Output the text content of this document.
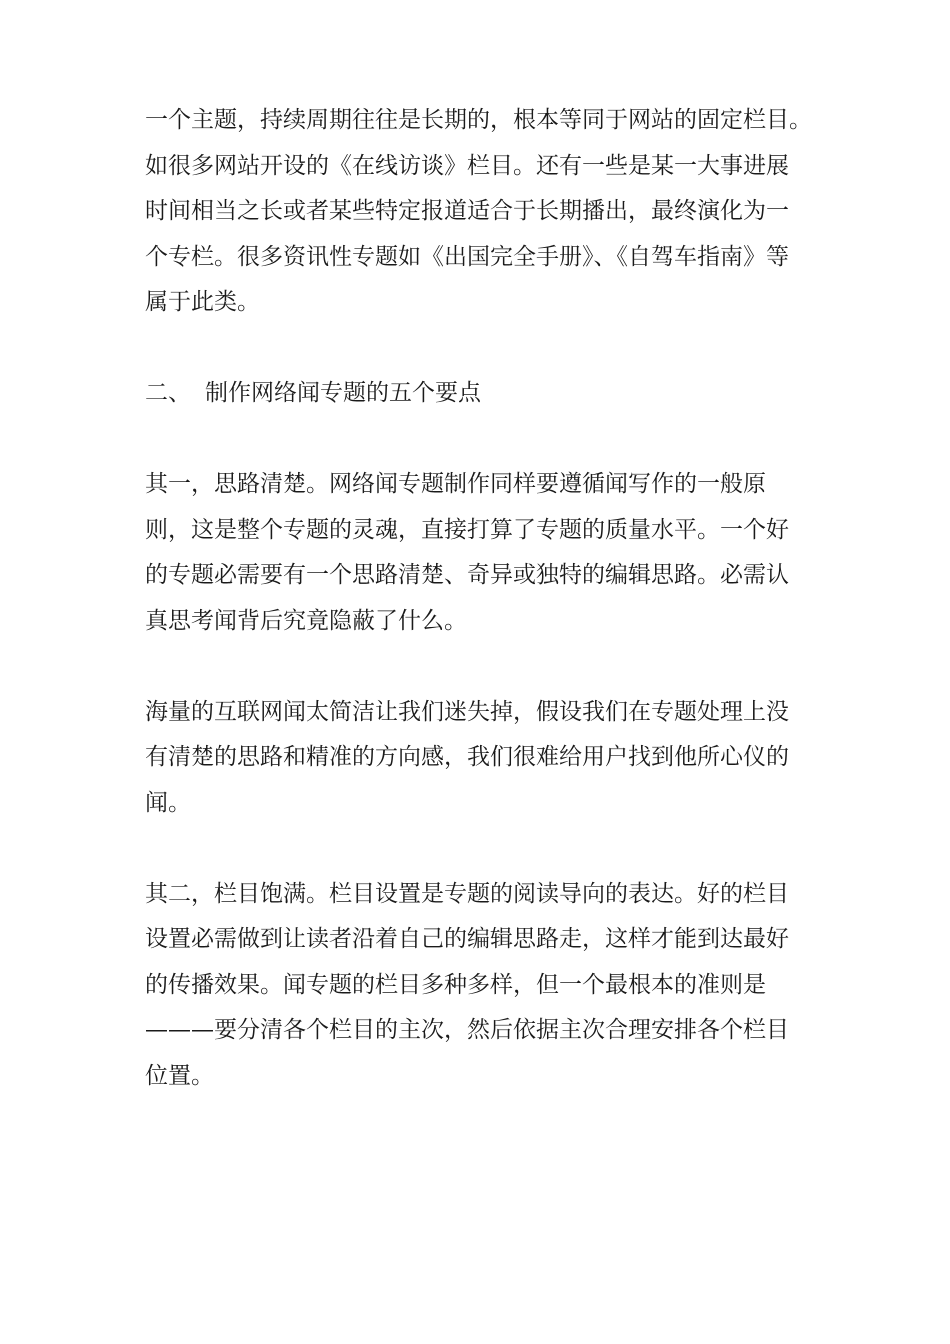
一个主题，持续周期往往是长期的，根本等同于网站的固定栏目。
如很多网站开设的《在线访谈》栏目。还有一些是某一大事进展
时间相当之长或者某些特定报道适合于长期播出，最终演化为一
个专栏。很多资讯性专题如《出国完全手册》、《自驾车指南》等
属于此类。
二、 制作网络闻专题的五个要点
其一，思路清楚。网络闻专题制作同样要遵循闻写作的一般原
则，这是整个专题的灵魂，直接打算了专题的质量水平。一个好
的专题必需要有一个思路清楚、奇异或独特的编辑思路。必需认
真思考闻背后究竟隐蔽了什么。
海量的互联网闻太简洁让我们迷失掉，假设我们在专题处理上没
有清楚的思路和精准的方向感，我们很难给用户找到他所心仪的
闻。
其二，栏目饱满。栏目设置是专题的阅读导向的表达。好的栏目
设置必需做到让读者沿着自己的编辑思路走，这样才能到达最好
的传播效果。闻专题的栏目多种多样，但一个最根本的准则是
———要分清各个栏目的主次，然后依据主次合理安排各个栏目
位置。
